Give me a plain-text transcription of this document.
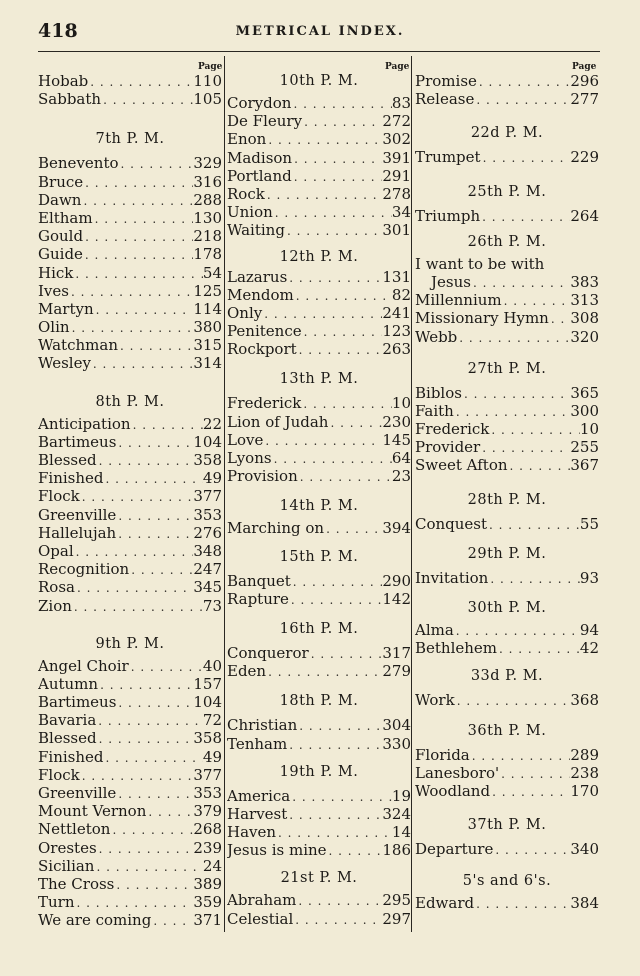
418	METRICAL INDEX.
Page	Page	Page
Hobab . . .	110
Sabbath . . .	105
7th P. M.
Benevento . . .	329
Bruce . . .	316
Dawn . . .	288
Eltham . . .	130
Gould . . .	218
Guide . . .	178
Hick . . .	54
Ives . . .	125
Martyn . . .	114
Olin . . .	380
Watchman . . .	315
Wesley . . .	314
8th P. M.
Anticipation . . .	22
Bartimeus . . .	104
Blessed . . .	358
Finished . . .	49
Flock . . .	377
Greenville . . .	353
Hallelujah . . .	276
Opal . . .	348
Recognition . . .	247
Rosa . . .	345
Zion . . .	73
9th P. M.
Angel Choir . . .	40
Autumn . . .	157
Bartimeus . . .	104
Bavaria . . .	72
Blessed . . .	358
Finished . . .	49
Flock . . .	377
Greenville . . .	353
Mount Vernon . . .	379
Nettleton . . .	268
Orestes . . .	239
Sicilian . . .	24
The Cross . . .	389
Turn . . .	359
We are coming . . .	371
10th P. M.
Corydon . . .	83
De Fleury . . .	272
Enon . . .	302
Madison . . .	391
Portland . . .	291
Rock . . .	278
Union . . .	34
Waiting . . .	301
12th P. M.
Lazarus . . .	131
Mendom . . .	82
Only . . .	241
Penitence . . .	123
Rockport . . .	263
13th P. M.
Frederick . . .	10
Lion of Judah . . .	230
Love . . .	145
Lyons . . .	64
Provision . . .	23
14th P. M.
Marching on . . .	394
15th P. M.
Banquet . . .	290
Rapture . . .	142
16th P. M.
Conqueror . . .	317
Eden . . .	279
18th P. M.
Christian . . .	304
Tenham . . .	330
19th P. M.
America . . .	19
Harvest . . .	324
Haven . . .	14
Jesus is mine . . .	186
21st P. M.
Abraham . . .	295
Celestial . . .	297
Promise . . .	296
Release . . .	277
22d P. M.
Trumpet . . .	229
25th P. M.
Triumph . . .	264
26th P. M.
I want to be with
Jesus . . .	383
Millennium . . .	313
Missionary Hymn . . . 308
Webb . . .	320
27th P. M.
Biblos . . .	365
Faith . . .	300
Frederick . . .	10
Provider . . .	255
Sweet Afton . . .	367
28th P. M.
Conquest . . .	55
29th P. M.
Invitation . . .	93
30th P. M.
Alma . . .	94
Bethlehem . . .	42
33d P. M.
Work . . .	368
36th P. M.
Florida . . .	289
Lanesboro' . . .	238
Woodland . . .	170
37th P. M.
Departure . . .	340
5's and 6's.
Edward . . .	384
